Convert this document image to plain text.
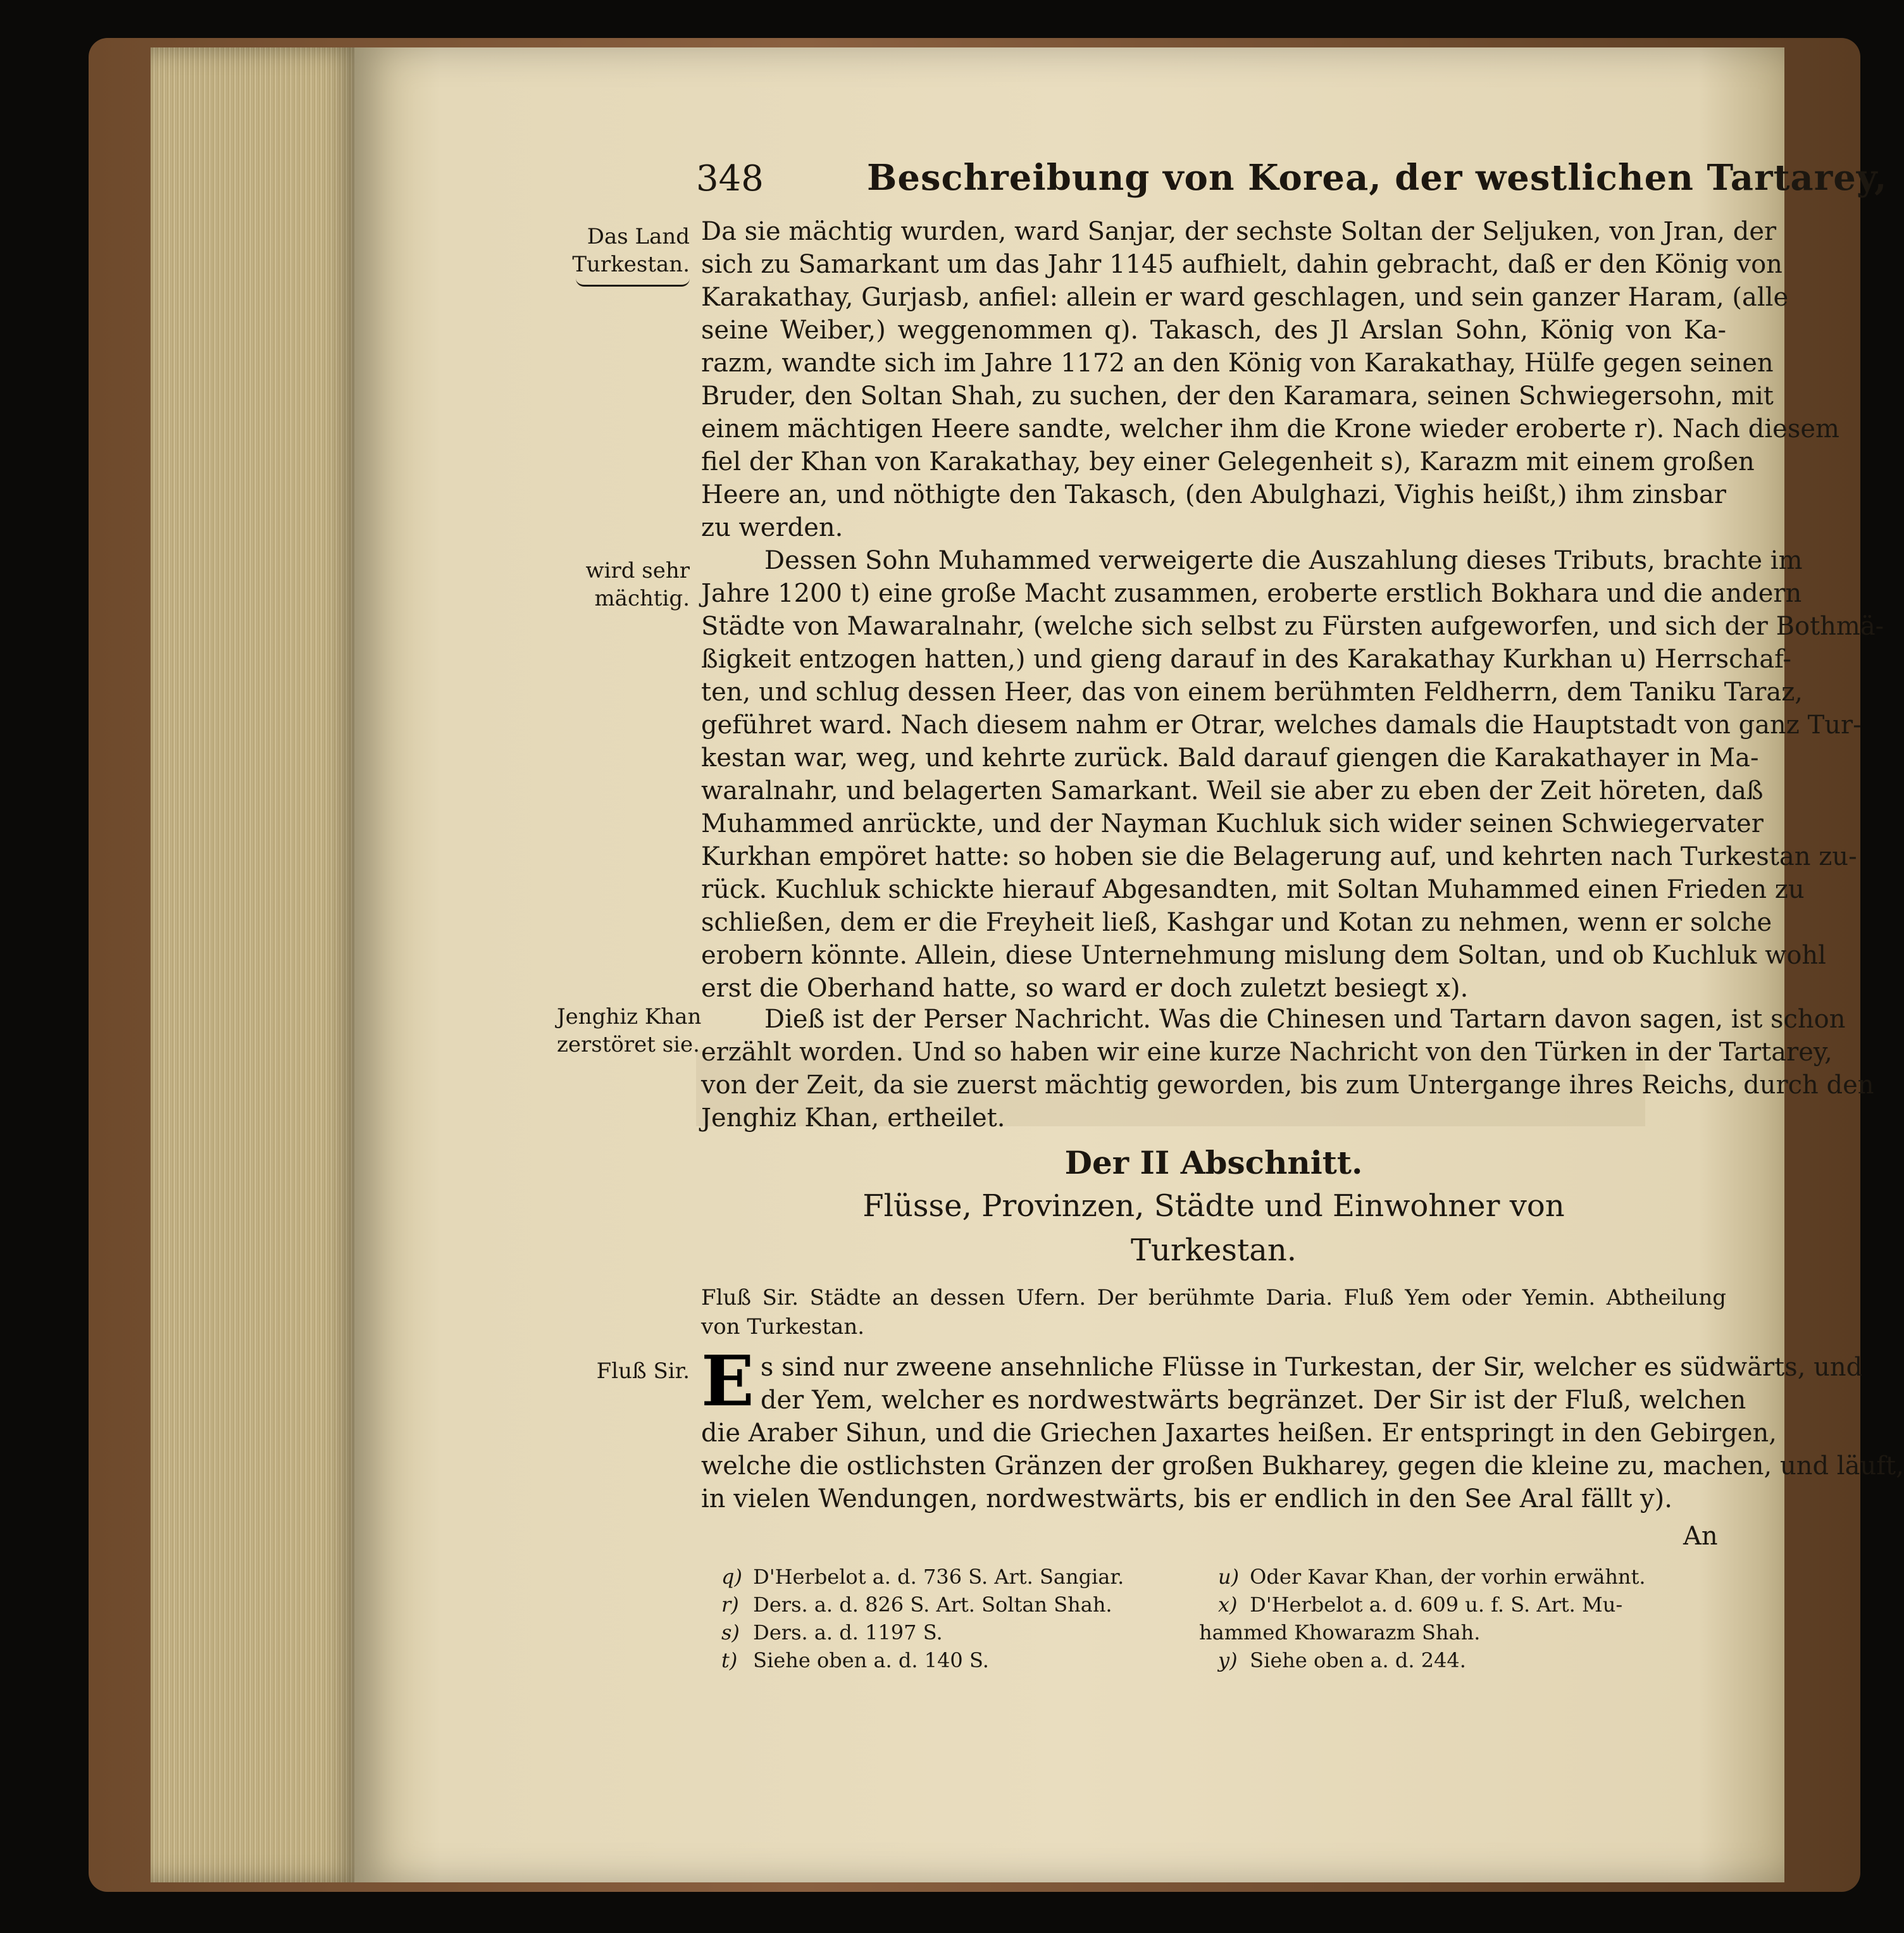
348	Beschreibung von Korea, der westlichen Tartarey,
Das Land
Turkestan.
wird sehr
mächtig.
Jenghiz Khan
zerstöret sie.
Fluß Sir.
Da sie mächtig wurden, ward Sanjar, der sechste Soltan der Seljuken, von Jran, der
sich zu Samarkant um das Jahr 1145 aufhielt, dahin gebracht, daß er den König von
Karakathay, Gurjasb, anfiel: allein er ward geschlagen, und sein ganzer Haram, (alle
seine Weiber,) weggenommen q). Takasch, des Jl Arslan Sohn, König von Ka-
razm, wandte sich im Jahre 1172 an den König von Karakathay, Hülfe gegen seinen
Bruder, den Soltan Shah, zu suchen, der den Karamara, seinen Schwiegersohn, mit
einem mächtigen Heere sandte, welcher ihm die Krone wieder eroberte r). Nach diesem
fiel der Khan von Karakathay, bey einer Gelegenheit s), Karazm mit einem großen
Heere an, und nöthigte den Takasch, (den Abulghazi, Vighis heißt,) ihm zinsbar
zu werden.
Dessen Sohn Muhammed verweigerte die Auszahlung dieses Tributs, brachte im
Jahre 1200 t) eine große Macht zusammen, eroberte erstlich Bokhara und die andern
Städte von Mawaralnahr, (welche sich selbst zu Fürsten aufgeworfen, und sich der Bothmä-
ßigkeit entzogen hatten,) und gieng darauf in des Karakathay Kurkhan u) Herrschaf-
ten, und schlug dessen Heer, das von einem berühmten Feldherrn, dem Taniku Taraz,
geführet ward. Nach diesem nahm er Otrar, welches damals die Hauptstadt von ganz Tur-
kestan war, weg, und kehrte zurück. Bald darauf giengen die Karakathayer in Ma-
waralnahr, und belagerten Samarkant. Weil sie aber zu eben der Zeit höreten, daß
Muhammed anrückte, und der Nayman Kuchluk sich wider seinen Schwiegervater
Kurkhan empöret hatte: so hoben sie die Belagerung auf, und kehrten nach Turkestan zu-
rück. Kuchluk schickte hierauf Abgesandten, mit Soltan Muhammed einen Frieden zu
schließen, dem er die Freyheit ließ, Kashgar und Kotan zu nehmen, wenn er solche
erobern könnte. Allein, diese Unternehmung mislung dem Soltan, und ob Kuchluk wohl
erst die Oberhand hatte, so ward er doch zuletzt besiegt x).
Dieß ist der Perser Nachricht. Was die Chinesen und Tartarn davon sagen, ist schon
erzählt worden. Und so haben wir eine kurze Nachricht von den Türken in der Tartarey,
von der Zeit, da sie zuerst mächtig geworden, bis zum Untergange ihres Reichs, durch den
Jenghiz Khan, ertheilet.
Der II Abschnitt.
Flüsse, Provinzen, Städte und Einwohner von
Turkestan.
Fluß Sir. Städte an dessen Ufern. Der berühmte Daria. Fluß Yem oder Yemin. Abtheilung
von Turkestan.
E s sind nur zweene ansehnliche Flüsse in Turkestan, der Sir, welcher es südwärts, und
der Yem, welcher es nordwestwärts begränzet. Der Sir ist der Fluß, welchen
die Araber Sihun, und die Griechen Jaxartes heißen. Er entspringt in den Gebirgen,
welche die ostlichsten Gränzen der großen Bukharey, gegen die kleine zu, machen, und läuft,
in vielen Wendungen, nordwestwärts, bis er endlich in den See Aral fällt y).
An
q) D'Herbelot a. d. 736 S. Art. Sangiar.
r) Ders. a. d. 826 S. Art. Soltan Shah.
s) Ders. a. d. 1197 S.
t) Siehe oben a. d. 140 S.
u) Oder Kavar Khan, der vorhin erwähnt.
x) D'Herbelot a. d. 609 u. f. S. Art. Mu-
hammed Khowarazm Shah.
y) Siehe oben a. d. 244.
